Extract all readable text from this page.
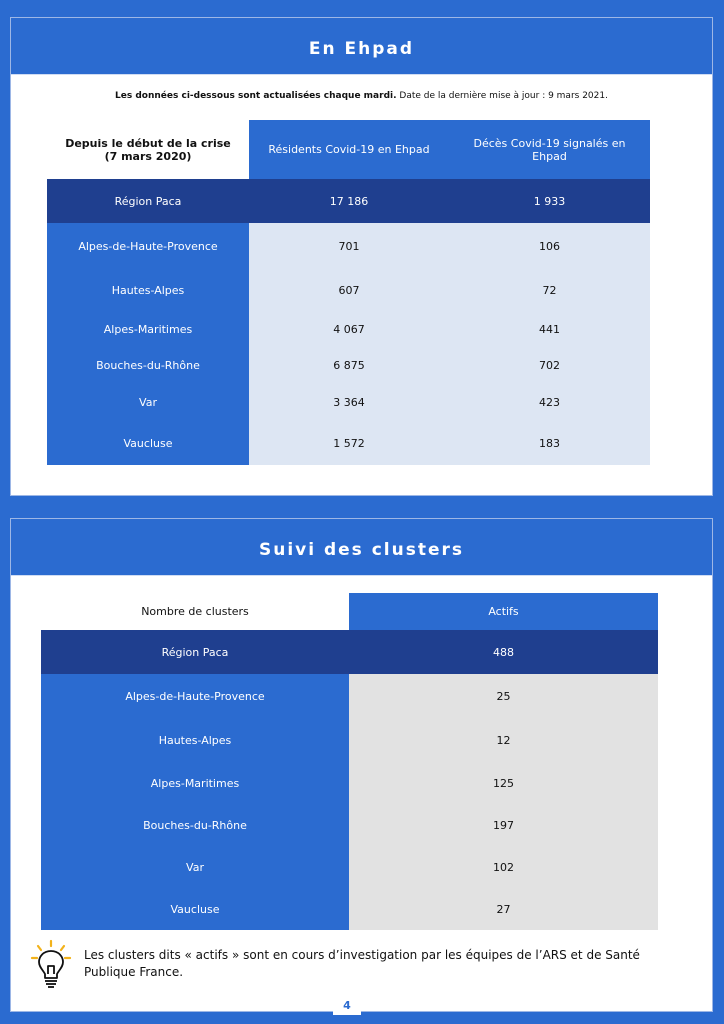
En Ehpad
Les données ci-dessous sont actualisées chaque mardi. Date de la dernière mise à jour : 9 mars 2021.
Depuis le début de la crise
(7 mars 2020)	Résidents Covid-19 en Ehpad	Décès Covid-19 signalés en Ehpad
Région Paca	17 186	1 933
Alpes-de-Haute-Provence	701	106
Hautes-Alpes	607	72
Alpes-Maritimes	4 067	441
Bouches-du-Rhône	6 875	702
Var	3 364	423
Vaucluse	1 572	183
Suivi des clusters
Nombre de clusters	Actifs
Région Paca	488
Alpes-de-Haute-Provence	25
Hautes-Alpes	12
Alpes-Maritimes	125
Bouches-du-Rhône	197
Var	102
Vaucluse	27
Les clusters dits « actifs » sont en cours d’investigation par les équipes de l’ARS et de Santé Publique France.
4
